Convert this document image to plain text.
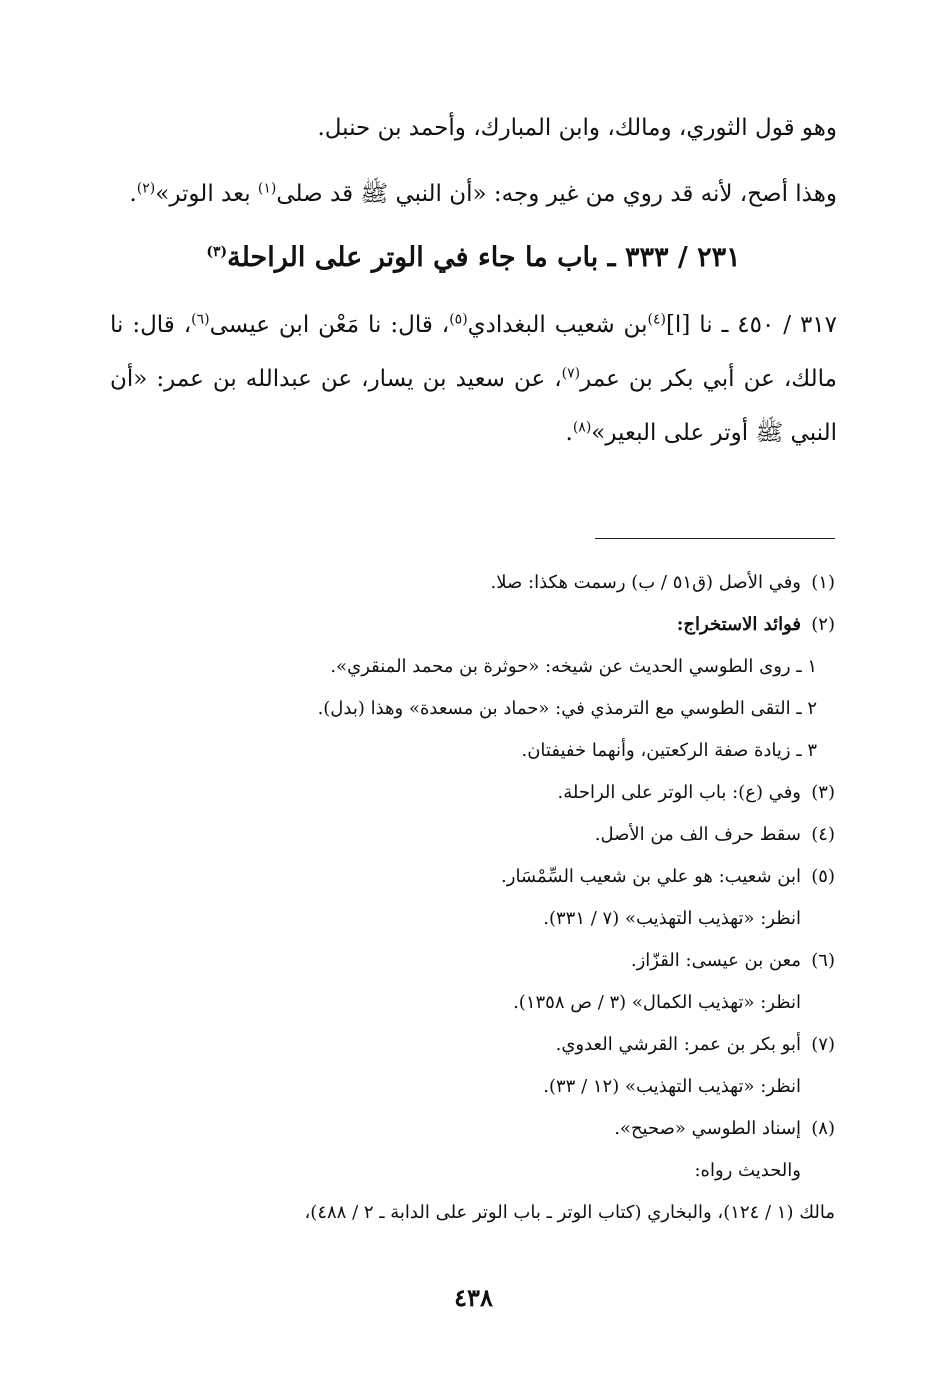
وهو قول الثوري، ومالك، وابن المبارك، وأحمد بن حنبل.

وهذا أصح، لأنه قد روي من غير وجه: «أن النبي ﷺ قد صلى$^{(١)}$ بعد الوتر»$^{(٢)}$.

٢٣١ / ٣٣٣ ـ باب ما جاء في الوتر على الراحلة$^{(٣)}$
٣١٧ / ٤٥٠ ـ نا [ا]$^{(٤)}$بن شعيب البغدادي$^{(٥)}$، قال: نا مَعْن ابن عيسى$^{(٦)}$، قال: نا مالك، عن أبي بكر بن عمر$^{(٧)}$، عن سعيد بن يسار، عن عبدالله بن عمر: «أن النبي ﷺ أوتر على البعير»$^{(٨)}$.

(١)وفي الأصل (ق٥١ / ب) رسمت هكذا: صلا.

(٢)فوائد الاستخراج:

١ ـ روى الطوسي الحديث عن شيخه: «حوثرة بن محمد المنقري».

٢ ـ التقى الطوسي مع الترمذي في: «حماد بن مسعدة» وهذا (بدل).

٣ ـ زيادة صفة الركعتين، وأنهما خفيفتان.

(٣)وفي (ع): باب الوتر على الراحلة.

(٤)سقط حرف الف من الأصل.

(٥)ابن شعيب: هو علي بن شعيب السِّمْسَار.

انظر: «تهذيب التهذيب» (٧ / ٣٣١).

(٦)معن بن عيسى: القزّاز.

انظر: «تهذيب الكمال» (٣ / ص ١٣٥٨).

(٧)أبو بكر بن عمر: القرشي العدوي.

انظر: «تهذيب التهذيب» (١٢ / ٣٣).

(٨)إسناد الطوسي «صحيح».

والحديث رواه:

مالك (١ / ١٢٤)، والبخاري (كتاب الوتر ـ باب الوتر على الدابة ـ ٢ / ٤٨٨)،

٤٣٨
